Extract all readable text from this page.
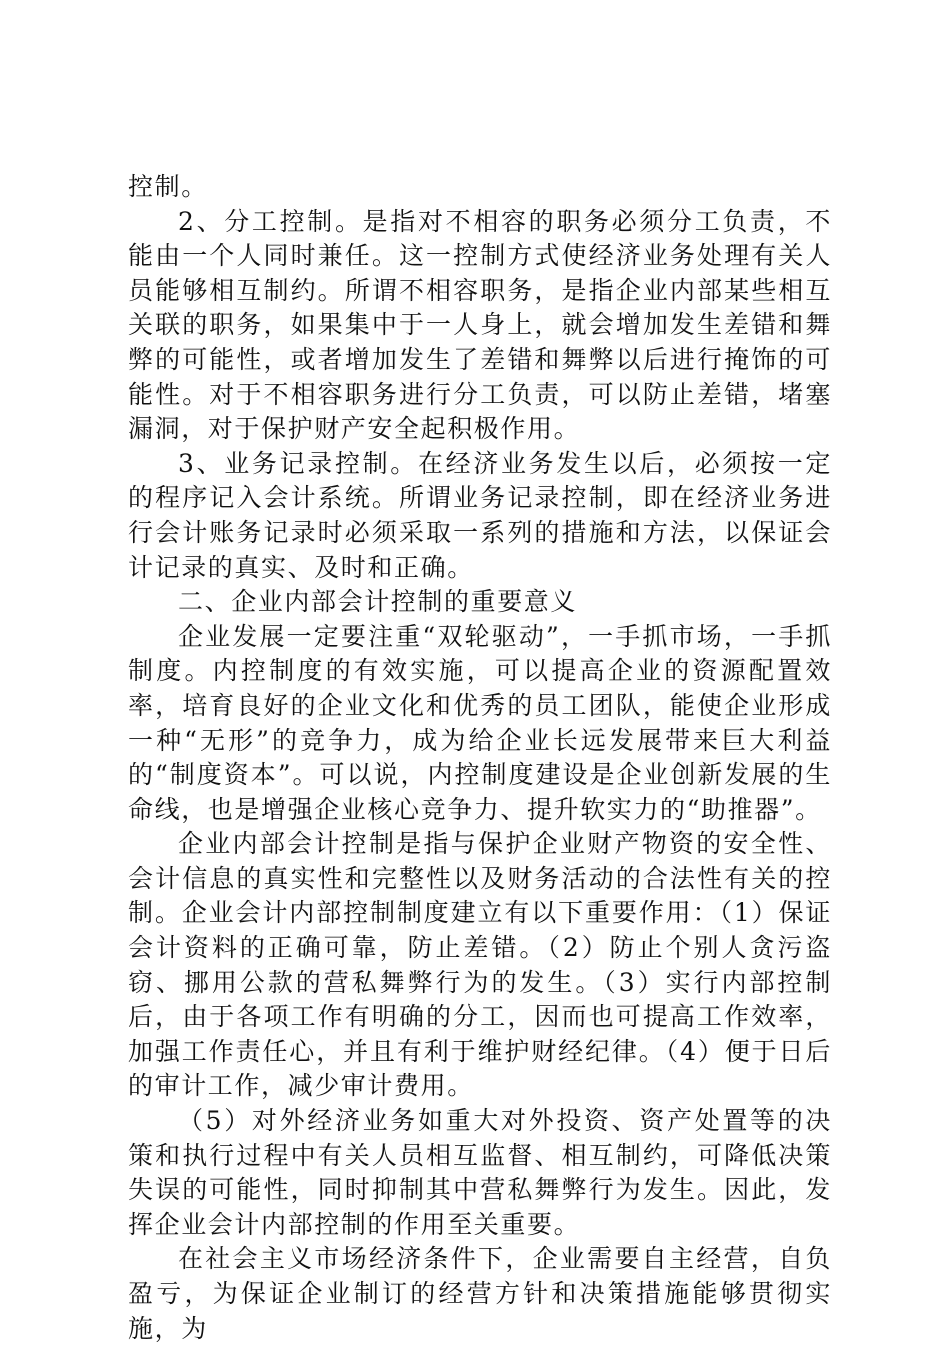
控制。

2、分工控制。是指对不相容的职务必须分工负责，不能由一个人同时兼任。这一控制方式使经济业务处理有关人员能够相互制约。所谓不相容职务，是指企业内部某些相互关联的职务，如果集中于一人身上，就会增加发生差错和舞弊的可能性，或者增加发生了差错和舞弊以后进行掩饰的可能性。对于不相容职务进行分工负责，可以防止差错，堵塞漏洞，对于保护财产安全起积极作用。

3、业务记录控制。在经济业务发生以后，必须按一定的程序记入会计系统。所谓业务记录控制，即在经济业务进行会计账务记录时必须采取一系列的措施和方法，以保证会计记录的真实、及时和正确。

二、企业内部会计控制的重要意义

企业发展一定要注重“双轮驱动”，一手抓市场，一手抓制度。内控制度的有效实施，可以提高企业的资源配置效率，培育良好的企业文化和优秀的员工团队，能使企业形成一种“无形”的竞争力，成为给企业长远发展带来巨大利益的“制度资本”。可以说，内控制度建设是企业创新发展的生命线，也是增强企业核心竞争力、提升软实力的“助推器”。

企业内部会计控制是指与保护企业财产物资的安全性、会计信息的真实性和完整性以及财务活动的合法性有关的控制。企业会计内部控制制度建立有以下重要作用：（1）保证会计资料的正确可靠，防止差错。（2）防止个别人贪污盗窃、挪用公款的营私舞弊行为的发生。（3）实行内部控制后，由于各项工作有明确的分工，因而也可提高工作效率，加强工作责任心，并且有利于维护财经纪律。（4）便于日后的审计工作，减少审计费用。

（5）对外经济业务如重大对外投资、资产处置等的决策和执行过程中有关人员相互监督、相互制约，可降低决策失误的可能性，同时抑制其中营私舞弊行为发生。因此，发挥企业会计内部控制的作用至关重要。

在社会主义市场经济条件下，企业需要自主经营，自负盈亏，为保证企业制订的经营方针和决策措施能够贯彻实施，为
